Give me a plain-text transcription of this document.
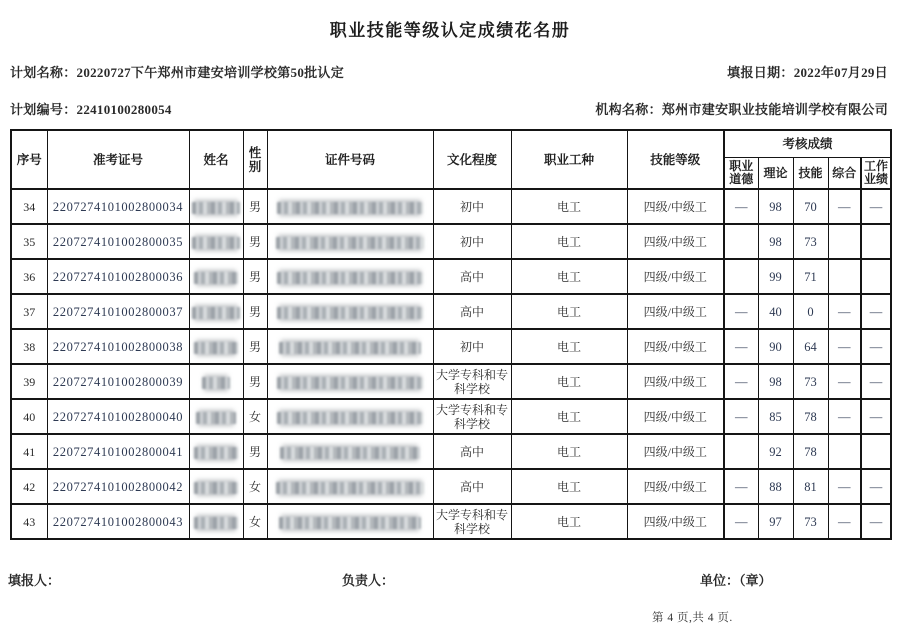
职业技能等级认定成绩花名册
计划名称：20220727下午郑州市建安培训学校第50批认定	填报日期：2022年07月29日
计划编号：22410100280054	机构名称：郑州市建安职业技能培训学校有限公司
序号	准考证号	姓名	性别	证件号码	文化程度	职业工种	技能等级	考核成绩				
								职业道德	理论	技能	综合	工作业绩
34	2207274101002800034		男		初中	电工	四级/中级工	—	98	70	—	—
35	2207274101002800035		男		初中	电工	四级/中级工		98	73		
36	2207274101002800036		男		高中	电工	四级/中级工		99	71		
37	2207274101002800037		男		高中	电工	四级/中级工	—	40	0	—	—
38	2207274101002800038		男		初中	电工	四级/中级工	—	90	64	—	—
39	2207274101002800039		男		大学专科和专科学校	电工	四级/中级工	—	98	73	—	—
40	2207274101002800040		女		大学专科和专科学校	电工	四级/中级工	—	85	78	—	—
41	2207274101002800041		男		高中	电工	四级/中级工		92	78		
42	2207274101002800042		女		高中	电工	四级/中级工	—	88	81	—	—
43	2207274101002800043		女		大学专科和专科学校	电工	四级/中级工	—	97	73	—	—
填报人：	负责人：	单位：（章）
第 4 页,共 4 页.
